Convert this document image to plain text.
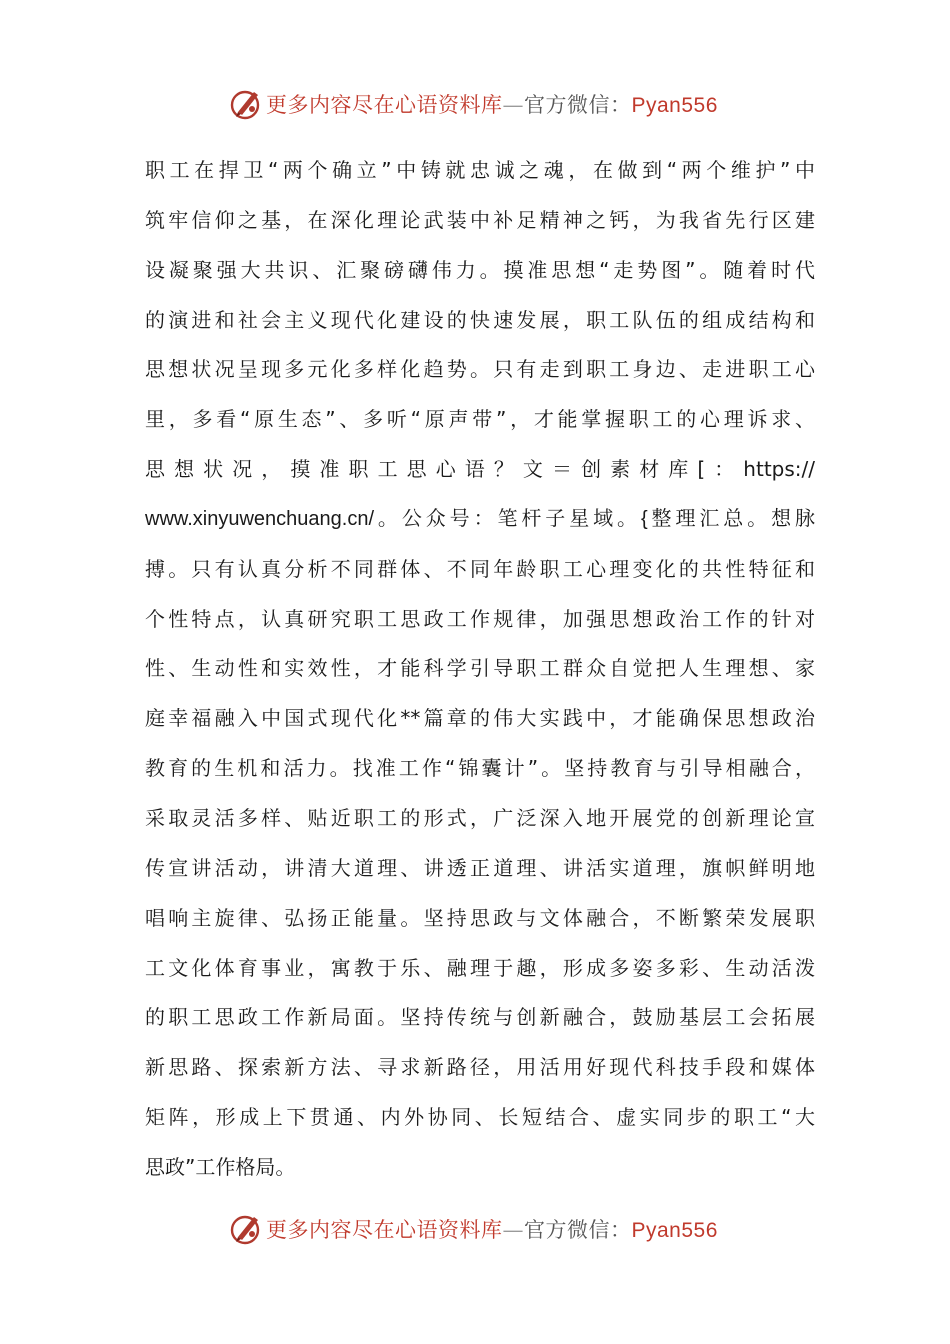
更多内容尽在心语资料库—官方微信：Pyan556
职工在捍卫“两个确立”中铸就忠诚之魂，在做到“两个维护”中
筑牢信仰之基，在深化理论武装中补足精神之钙，为我省先行区建
设凝聚强大共识、汇聚磅礴伟力。摸准思想“走势图”。随着时代
的演进和社会主义现代化建设的快速发展，职工队伍的组成结构和
思想状况呈现多元化多样化趋势。只有走到职工身边、走进职工心
里，多看“原生态”、多听“原声带”，才能掌握职工的心理诉求、
思想状况，摸准职工思心语？文＝创素材库[：https://
www.xinyuwenchuang.cn/。公众号：笔杆子星域。{整理汇总。想脉
搏。只有认真分析不同群体、不同年龄职工心理变化的共性特征和
个性特点，认真研究职工思政工作规律，加强思想政治工作的针对
性、生动性和实效性，才能科学引导职工群众自觉把人生理想、家
庭幸福融入中国式现代化**篇章的伟大实践中，才能确保思想政治
教育的生机和活力。找准工作“锦囊计”。坚持教育与引导相融合，
采取灵活多样、贴近职工的形式，广泛深入地开展党的创新理论宣
传宣讲活动，讲清大道理、讲透正道理、讲活实道理，旗帜鲜明地
唱响主旋律、弘扬正能量。坚持思政与文体融合，不断繁荣发展职
工文化体育事业，寓教于乐、融理于趣，形成多姿多彩、生动活泼
的职工思政工作新局面。坚持传统与创新融合，鼓励基层工会拓展
新思路、探索新方法、寻求新路径，用活用好现代科技手段和媒体
矩阵，形成上下贯通、内外协同、长短结合、虚实同步的职工“大
思政”工作格局。
更多内容尽在心语资料库—官方微信：Pyan556
